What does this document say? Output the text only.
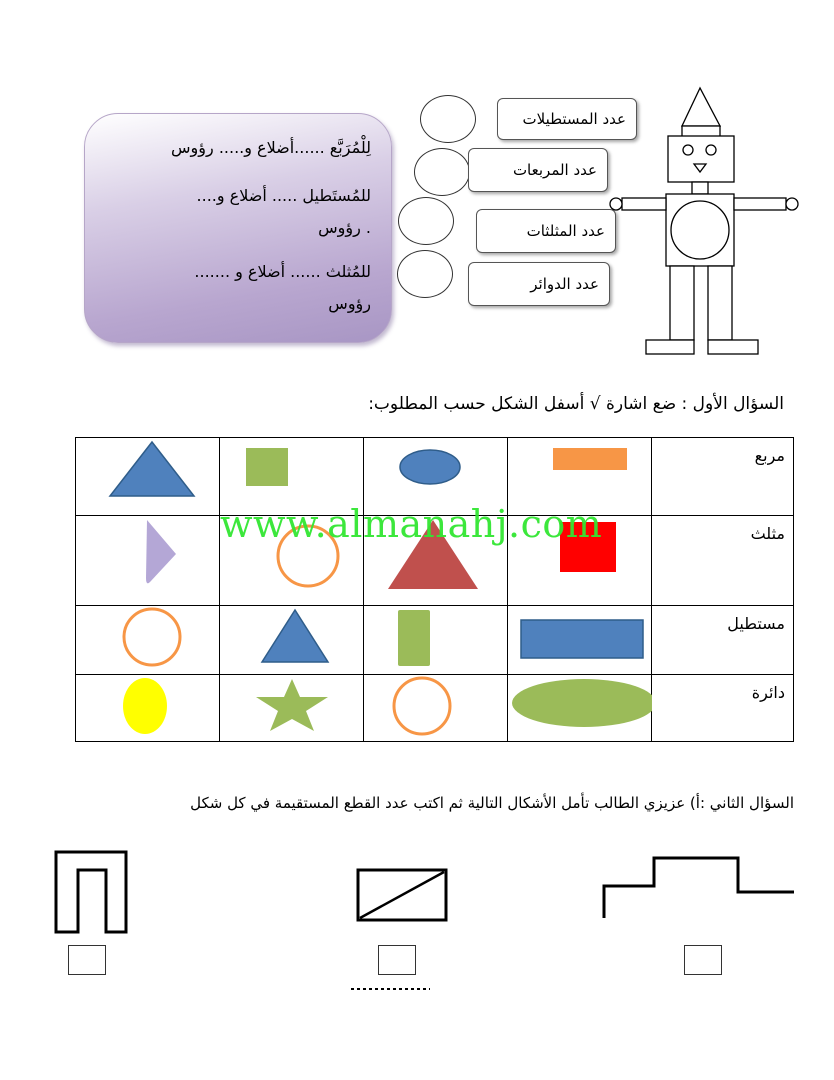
لِلْمُرَبَّع ......أضلاع و..... رؤوس
للمُستَطيل ..... أضلاع و....
. رؤوس
للمُثلث ...... أضلاع و .......
رؤوس
عدد المستطيلات
عدد المربعات
عدد المثلثات
عدد الدوائر
السؤال الأول : ضع اشارة √ أسفل الشكل حسب المطلوب:

مربع

مثلث

مستطيل

دائرة
www.almanahj.com
السؤال الثاني :أ) عزيزي الطالب تأمل الأشكال التالية ثم اكتب عدد القطع المستقيمة في كل شكل
